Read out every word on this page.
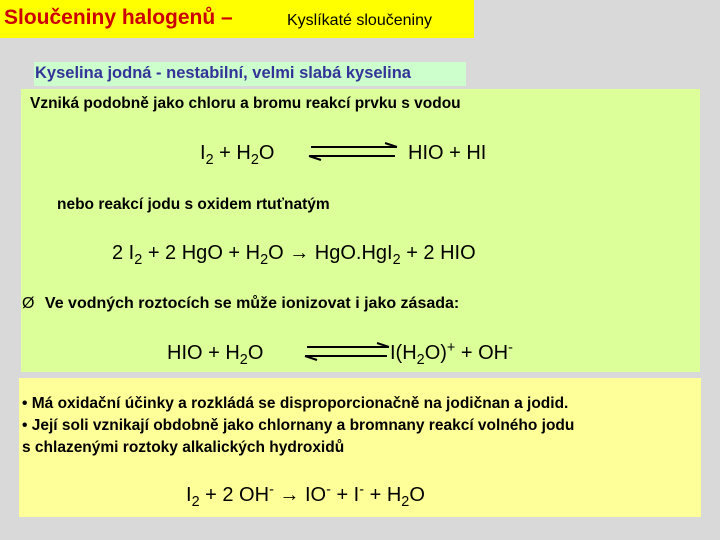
Sloučeniny halogenů –	Kyslíkaté sloučeniny
Kyselina jodná - nestabilní, velmi slabá kyselina
Vzniká podobně jako chloru a bromu reakcí prvku s vodou
$I_2 + H_2O$	HIO + HI
nebo reakcí jodu s oxidem rtuťnatým
2 $I_2 + 2$ HgO + $H_2O \to HgO.HgI_2 + 2$ HIO
Ø Ve vodných roztocích se může ionizovat i jako zásada:
HIO + $H_2O$	$I(H_2O)^+ + OH^-$
• Má oxidační účinky a rozkládá se disproporcionačně na jodičnan a jodid.
• Její soli vznikají obdobně jako chlornany a bromnany reakcí volného jodu
s chlazenými roztoky alkalických hydroxidů
$I_2 + 2$ $OH^- \to IO^- + I^- + H_2O$
